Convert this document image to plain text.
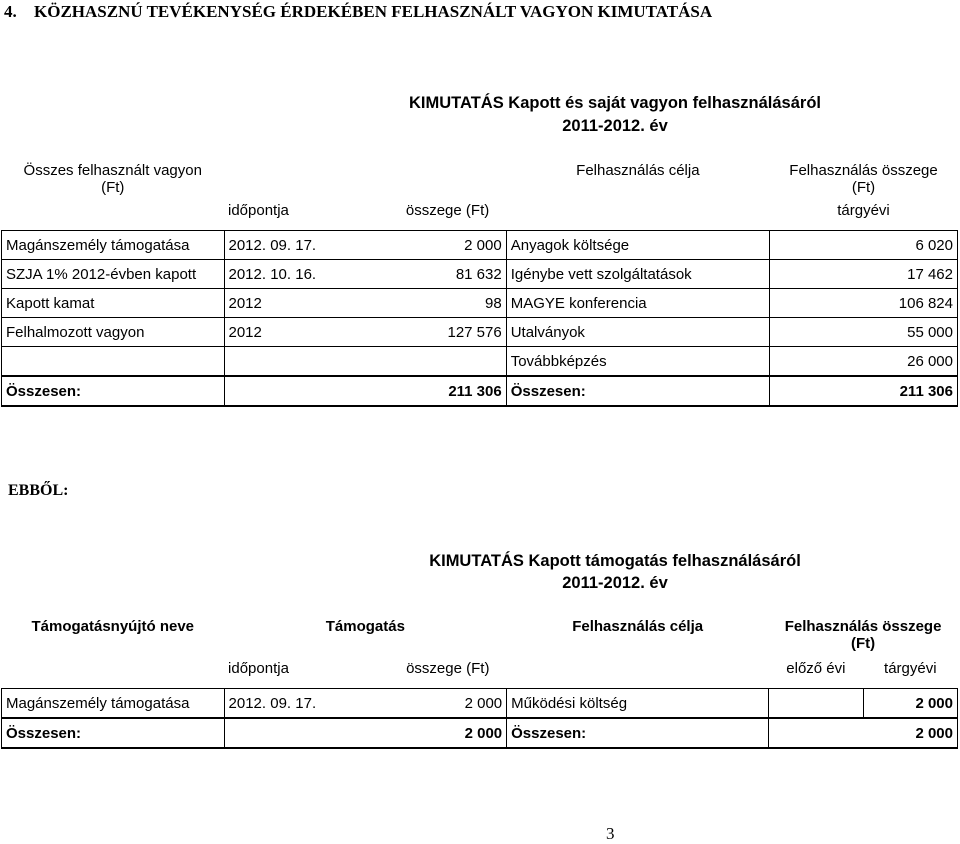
4. KÖZHASZNÚ TEVÉKENYSÉG ÉRDEKÉBEN FELHASZNÁLT VAGYON KIMUTATÁSA
KIMUTATÁS Kapott és saját vagyon felhasználásáról
2011-2012. év
Összes felhasznált vagyon
(Ft)			Felhasználás célja	Felhasználás összege
(Ft)
	időpontja	összege (Ft)		tárgyévi
Magánszemély támogatása	2012. 09. 17. 2 000		Anyagok költsége	6 020
SZJA 1% 2012-évben kapott	2012. 10. 16. 81 632		Igénybe vett szolgáltatások	17 462
Kapott kamat	2012 98		MAGYE konferencia	106 824
Felhalmozott vagyon	2012 127 576		Utalványok	55 000

		Továbbképzés	26 000
Összesen:	211 306		Összesen:	211 306
EBBŐL:
KIMUTATÁS Kapott támogatás felhasználásáról
2011-2012. év
Támogatásnyújtó neve	Támogatás		Felhasználás célja	Felhasználás összege
(Ft)	
	időpontja	összege (Ft)		előző évi	tárgyévi
Magánszemély támogatása	2012. 09. 17. 2 000		Működési költség		2 000
Összesen:	2 000		Összesen:	2 000	
3
